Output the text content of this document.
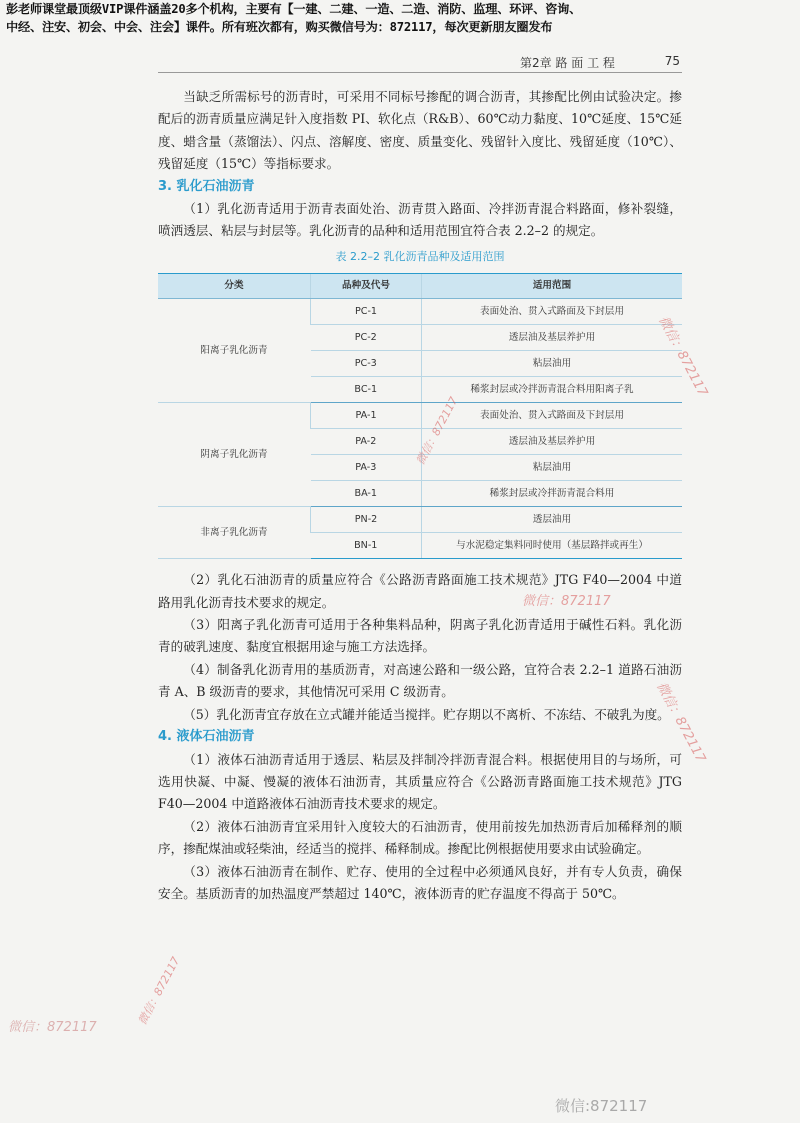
彭老师课堂最顶级VIP课件涵盖20多个机构，主要有【一建、二建、一造、二造、消防、监理、环评、咨询、
中经、注安、初会、中会、注会】课件。所有班次都有，购买微信号为：872117，每次更新朋友圈发布
第2章 路 面 工 程	75

当缺乏所需标号的沥青时，可采用不同标号掺配的调合沥青，其掺配比例由试验决定。掺配后的沥青质量应满足针入度指数 PI、软化点（R&B）、60℃动力黏度、10℃延度、15℃延度、蜡含量（蒸馏法）、闪点、溶解度、密度、质量变化、残留针入度比、残留延度（10℃）、残留延度（15℃）等指标要求。

3. 乳化石油沥青

（1）乳化沥青适用于沥青表面处治、沥青贯入路面、冷拌沥青混合料路面，修补裂缝，喷洒透层、粘层与封层等。乳化沥青的品种和适用范围宜符合表 2.2–2 的规定。

表 2.2–2 乳化沥青品种及适用范围
分类	品种及代号	适用范围
阳离子乳化沥青	PC-1	表面处治、贯入式路面及下封层用
	PC-2	透层油及基层养护用
	PC-3	粘层油用
	BC-1	稀浆封层或冷拌沥青混合料用阳离子乳
阴离子乳化沥青	PA-1	表面处治、贯入式路面及下封层用
	PA-2	透层油及基层养护用
	PA-3	粘层油用
	BA-1	稀浆封层或冷拌沥青混合料用
非离子乳化沥青	PN-2	透层油用
	BN-1	与水泥稳定集料同时使用（基层路拌或再生）

（2）乳化石油沥青的质量应符合《公路沥青路面施工技术规范》JTG F40—2004 中道路用乳化沥青技术要求的规定。

（3）阳离子乳化沥青可适用于各种集料品种，阴离子乳化沥青适用于碱性石料。乳化沥青的破乳速度、黏度宜根据用途与施工方法选择。

（4）制备乳化沥青用的基质沥青，对高速公路和一级公路，宜符合表 2.2–1 道路石油沥青 A、B 级沥青的要求，其他情况可采用 C 级沥青。

（5）乳化沥青宜存放在立式罐并能适当搅拌。贮存期以不离析、不冻结、不破乳为度。

4. 液体石油沥青

（1）液体石油沥青适用于透层、粘层及拌制冷拌沥青混合料。根据使用目的与场所，可选用快凝、中凝、慢凝的液体石油沥青，其质量应符合《公路沥青路面施工技术规范》JTG F40—2004 中道路液体石油沥青技术要求的规定。

（2）液体石油沥青宜采用针入度较大的石油沥青，使用前按先加热沥青后加稀释剂的顺序，掺配煤油或轻柴油，经适当的搅拌、稀释制成。掺配比例根据使用要求由试验确定。

（3）液体石油沥青在制作、贮存、使用的全过程中必须通风良好，并有专人负责，确保安全。基质沥青的加热温度严禁超过 140℃，液体沥青的贮存温度不得高于 50℃。

微信：872117
微信：872117
微信：872117
微信：872117
微信：872117
微信：872117
微信:872117
